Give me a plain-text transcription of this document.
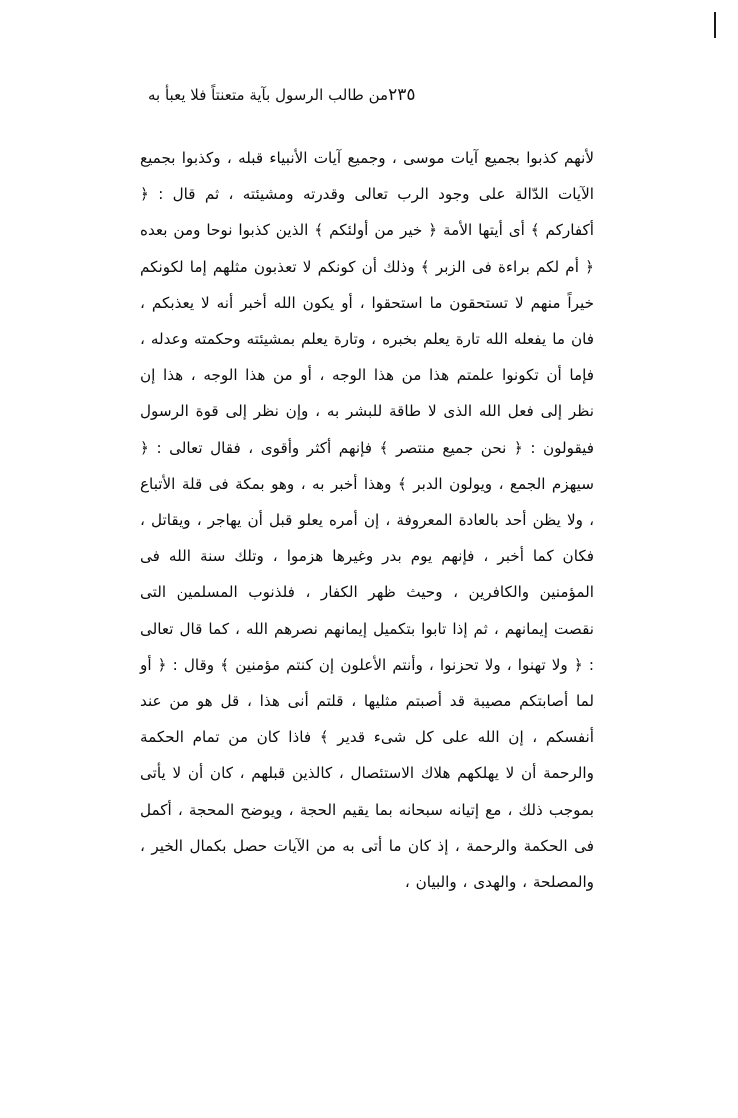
من طالب الرسول بآية متعنتاً فلا يعبأ به ٢٣٥

لأنهم كذبوا بجميع آيات موسى ، وجميع آيات الأنبياء قبله ، وكذبوا بجميع الآيات الدّالة على وجود الرب تعالى وقدرته ومشيئته ، ثم قال : ﴿ أكفاركم ﴾ أى أيتها الأمة ﴿ خير من أولئكم ﴾ الذين كذبوا نوحا ومن بعده ﴿ أم لكم براءة فى الزبر ﴾ وذلك أن كونكم لا تعذبون مثلهم إما لكونكم خيراً منهم لا تستحقون ما استحقوا ، أو يكون الله أخبر أنه لا يعذبكم ، فان ما يفعله الله تارة يعلم بخبره ، وتارة يعلم بمشيئته وحكمته وعدله ، فإما أن تكونوا علمتم هذا من هذا الوجه ، أو من هذا الوجه ، هذا إن نظر إلى فعل الله الذى لا طاقة للبشر به ، وإن نظر إلى قوة الرسول فيقولون : ﴿ نحن جميع منتصر ﴾ فإنهم أكثر وأقوى ، فقال تعالى : ﴿ سيهزم الجمع ، ويولون الدبر ﴾ وهذا أخبر به ، وهو بمكة فى قلة الأتباع ، ولا يظن أحد بالعادة المعروفة ، إن أمره يعلو قبل أن يهاجر ، ويقاتل ، فكان كما أخبر ، فإنهم يوم بدر وغيرها هزموا ، وتلك سنة الله فى المؤمنين والكافرين ، وحيث ظهر الكفار ، فلذنوب المسلمين التى نقصت إيمانهم ، ثم إذا تابوا بتكميل إيمانهم نصرهم الله ، كما قال تعالى : ﴿ ولا تهنوا ، ولا تحزنوا ، وأنتم الأعلون إن كنتم مؤمنين ﴾ وقال : ﴿ أو لما أصابتكم مصيبة قد أصبتم مثليها ، قلتم أنى هذا ، قل هو من عند أنفسكم ، إن الله على كل شىء قدير ﴾ فاذا كان من تمام الحكمة والرحمة أن لا يهلكهم هلاك الاستئصال ، كالذين قبلهم ، كان أن لا يأتى بموجب ذلك ، مع إتيانه سبحانه بما يقيم الحجة ، ويوضح المحجة ، أكمل فى الحكمة والرحمة ، إذ كان ما أتى به من الآيات حصل بكمال الخير ، والمصلحة ، والهدى ، والبيان ،
